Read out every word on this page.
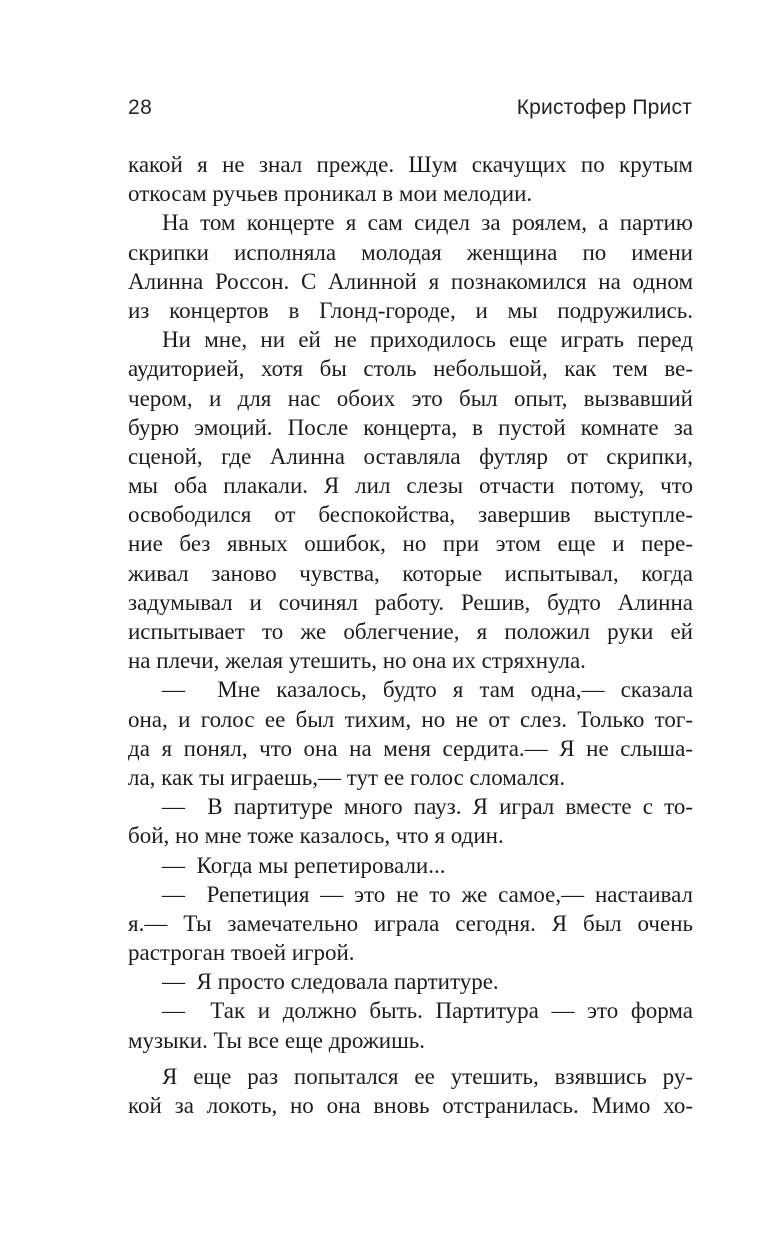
28	Кристофер Прист
какой я не знал прежде. Шум скачущих по крутым
откосам ручьев проникал в мои мелодии.
На том концерте я сам сидел за роялем, а партию
скрипки исполняла молодая женщина по имени
Алинна Россон. С Алинной я познакомился на одном
из концертов в Глонд-городе, и мы подружились.
Ни мне, ни ей не приходилось еще играть перед
аудиторией, хотя бы столь небольшой, как тем ве-
чером, и для нас обоих это был опыт, вызвавший
бурю эмоций. После концерта, в пустой комнате за
сценой, где Алинна оставляла футляр от скрипки,
мы оба плакали. Я лил слезы отчасти потому, что
освободился от беспокойства, завершив выступле-
ние без явных ошибок, но при этом еще и пере-
живал заново чувства, которые испытывал, когда
задумывал и сочинял работу. Решив, будто Алинна
испытывает то же облегчение, я положил руки ей
на плечи, желая утешить, но она их стряхнула.
—  Мне казалось, будто я там одна,— сказала
она, и голос ее был тихим, но не от слез. Только тог-
да я понял, что она на меня сердита.— Я не слыша-
ла, как ты играешь,— тут ее голос сломался.
—  В партитуре много пауз. Я играл вместе с то-
бой, но мне тоже казалось, что я один.
—  Когда мы репетировали...
—  Репетиция — это не то же самое,— настаивал
я.— Ты замечательно играла сегодня. Я был очень
растроган твоей игрой.
—  Я просто следовала партитуре.
—  Так и должно быть. Партитура — это форма
музыки. Ты все еще дрожишь.
Я еще раз попытался ее утешить, взявшись ру-
кой за локоть, но она вновь отстранилась. Мимо хо-
